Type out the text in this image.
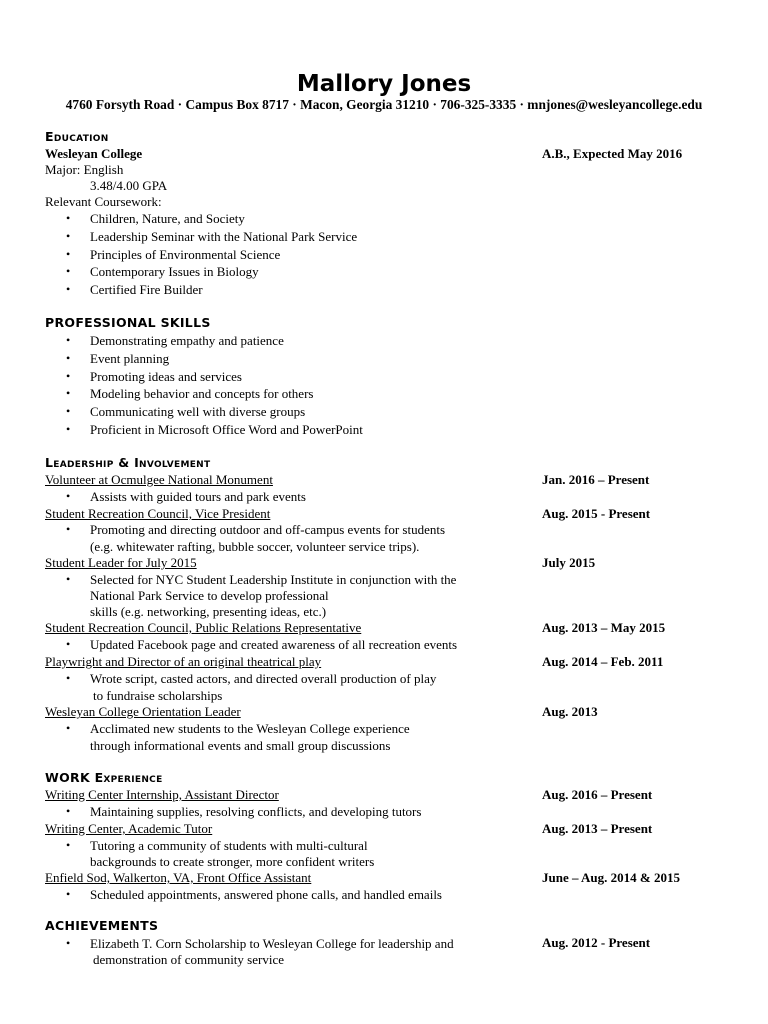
Mallory Jones
4760 Forsyth Road · Campus Box 8717 · Macon, Georgia 31210 · 706-325-3335 · mnjones@wesleyancollege.edu
Education
Wesleyan College	A.B., Expected May 2016
Major: English
3.48/4.00 GPA
Relevant Coursework:
• Children, Nature, and Society
• Leadership Seminar with the National Park Service
• Principles of Environmental Science
• Contemporary Issues in Biology
• Certified Fire Builder
PROFESSIONAL SKILLS
• Demonstrating empathy and patience
• Event planning
• Promoting ideas and services
• Modeling behavior and concepts for others
• Communicating well with diverse groups
• Proficient in Microsoft Office Word and PowerPoint
Leadership & Involvement
Volunteer at Ocmulgee National Monument	Jan. 2016 – Present
• Assists with guided tours and park events
Student Recreation Council, Vice President	Aug. 2015 - Present
• Promoting and directing outdoor and off-campus events for students
(e.g. whitewater rafting, bubble soccer, volunteer service trips).
Student Leader for July 2015	July 2015
• Selected for NYC Student Leadership Institute in conjunction with the
National Park Service to develop professional
skills (e.g. networking, presenting ideas, etc.)
Student Recreation Council, Public Relations Representative	Aug. 2013 – May 2015
• Updated Facebook page and created awareness of all recreation events
Playwright and Director of an original theatrical play	Aug. 2014 – Feb. 2011
• Wrote script, casted actors, and directed overall production of play
to fundraise scholarships
Wesleyan College Orientation Leader	Aug. 2013
• Acclimated new students to the Wesleyan College experience
through informational events and small group discussions
WORK Experience
Writing Center Internship, Assistant Director	Aug. 2016 – Present
• Maintaining supplies, resolving conflicts, and developing tutors
Writing Center, Academic Tutor	Aug. 2013 – Present
• Tutoring a community of students with multi-cultural
backgrounds to create stronger, more confident writers
Enfield Sod, Walkerton, VA, Front Office Assistant	June – Aug. 2014 & 2015
• Scheduled appointments, answered phone calls, and handled emails
ACHIEVEMENTS
• Elizabeth T. Corn Scholarship to Wesleyan College for leadership and	Aug. 2012 - Present
demonstration of community service
